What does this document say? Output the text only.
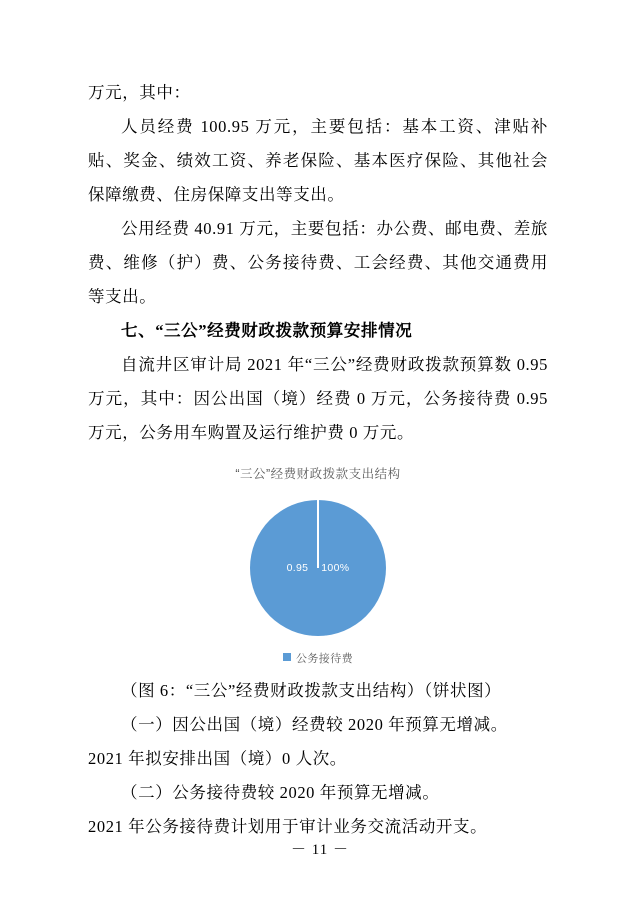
万元，其中：

人员经费 100.95 万元，主要包括：基本工资、津贴补贴、奖金、绩效工资、养老保险、基本医疗保险、其他社会保障缴费、住房保障支出等支出。

公用经费 40.91 万元，主要包括：办公费、邮电费、差旅费、维修（护）费、公务接待费、工会经费、其他交通费用等支出。

七、“三公”经费财政拨款预算安排情况

自流井区审计局 2021 年“三公”经费财政拨款预算数 0.95 万元，其中：因公出国（境）经费 0 万元，公务接待费 0.95 万元，公务用车购置及运行维护费 0 万元。

“三公”经费财政拨款支出结构
0.95 100%
公务接待费

（图 6：“三公”经费财政拨款支出结构）（饼状图）

（一）因公出国（境）经费较 2020 年预算无增减。

2021 年拟安排出国（境）0 人次。

（二）公务接待费较 2020 年预算无增减。

2021 年公务接待费计划用于审计业务交流活动开支。

－ 11 －
